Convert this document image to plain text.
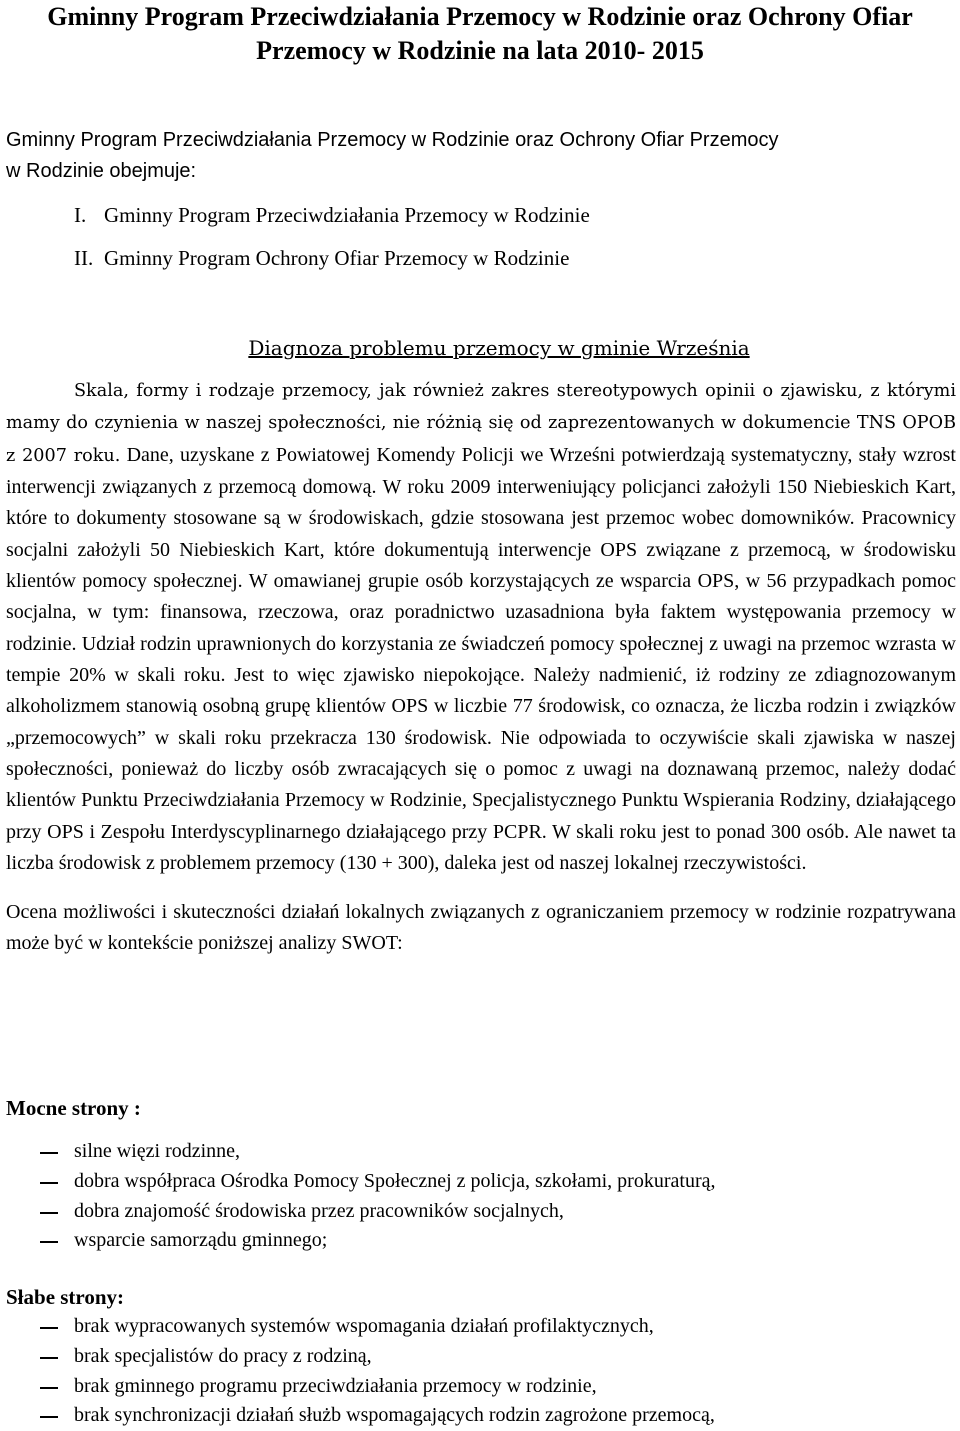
Gminny Program Przeciwdziałania Przemocy w Rodzinie oraz Ochrony Ofiar
Przemocy w Rodzinie na lata 2010- 2015
Gminny Program Przeciwdziałania Przemocy w Rodzinie oraz Ochrony Ofiar Przemocy
w Rodzinie obejmuje:
I. Gminny Program Przeciwdziałania Przemocy w Rodzinie
II. Gminny Program Ochrony Ofiar Przemocy w Rodzinie
Diagnoza problemu przemocy w gminie Września

Skala, formy i rodzaje przemocy, jak również zakres stereotypowych opinii o zjawisku, z którymi mamy do czynienia w naszej społeczności, nie różnią się od zaprezentowanych w dokumencie TNS OPOB z 2007 roku. Dane, uzyskane z Powiatowej Komendy Policji we Wrześni potwierdzają systematyczny, stały wzrost interwencji związanych z przemocą domową. W roku 2009 interweniujący policjanci założyli 150 Niebieskich Kart, które to dokumenty stosowane są w środowiskach, gdzie stosowana jest przemoc wobec domowników. Pracownicy socjalni założyli 50 Niebieskich Kart, które dokumentują interwencje OPS związane z przemocą, w środowisku klientów pomocy społecznej. W omawianej grupie osób korzystających ze wsparcia OPS, w 56 przypadkach pomoc socjalna, w tym: finansowa, rzeczowa, oraz poradnictwo uzasadniona była faktem występowania przemocy w rodzinie. Udział rodzin uprawnionych do korzystania ze świadczeń pomocy społecznej z uwagi na przemoc wzrasta w tempie 20% w skali roku. Jest to więc zjawisko niepokojące. Należy nadmienić, iż rodziny ze zdiagnozowanym alkoholizmem stanowią osobną grupę klientów OPS w liczbie 77 środowisk, co oznacza, że liczba rodzin i związków „przemocowych” w skali roku przekracza 130 środowisk. Nie odpowiada to oczywiście skali zjawiska w naszej społeczności, ponieważ do liczby osób zwracających się o pomoc z uwagi na doznawaną przemoc, należy dodać klientów Punktu Przeciwdziałania Przemocy w Rodzinie, Specjalistycznego Punktu Wspierania Rodziny, działającego przy OPS i Zespołu Interdyscyplinarnego działającego przy PCPR. W skali roku jest to ponad 300 osób. Ale nawet ta liczba środowisk z problemem przemocy (130 + 300), daleka jest od naszej lokalnej rzeczywistości.

Ocena możliwości i skuteczności działań lokalnych związanych z ograniczaniem przemocy w rodzinie rozpatrywana może być w kontekście poniższej analizy SWOT:

Mocne strony :
silne więzi rodzinne,
dobra współpraca Ośrodka Pomocy Społecznej z policja, szkołami, prokuraturą,
dobra znajomość środowiska przez pracowników socjalnych,
wsparcie samorządu gminnego;
Słabe strony:
brak wypracowanych systemów wspomagania działań profilaktycznych,
brak specjalistów do pracy z rodziną,
brak gminnego programu przeciwdziałania przemocy w rodzinie,
brak synchronizacji działań służb wspomagających rodzin zagrożone przemocą,
